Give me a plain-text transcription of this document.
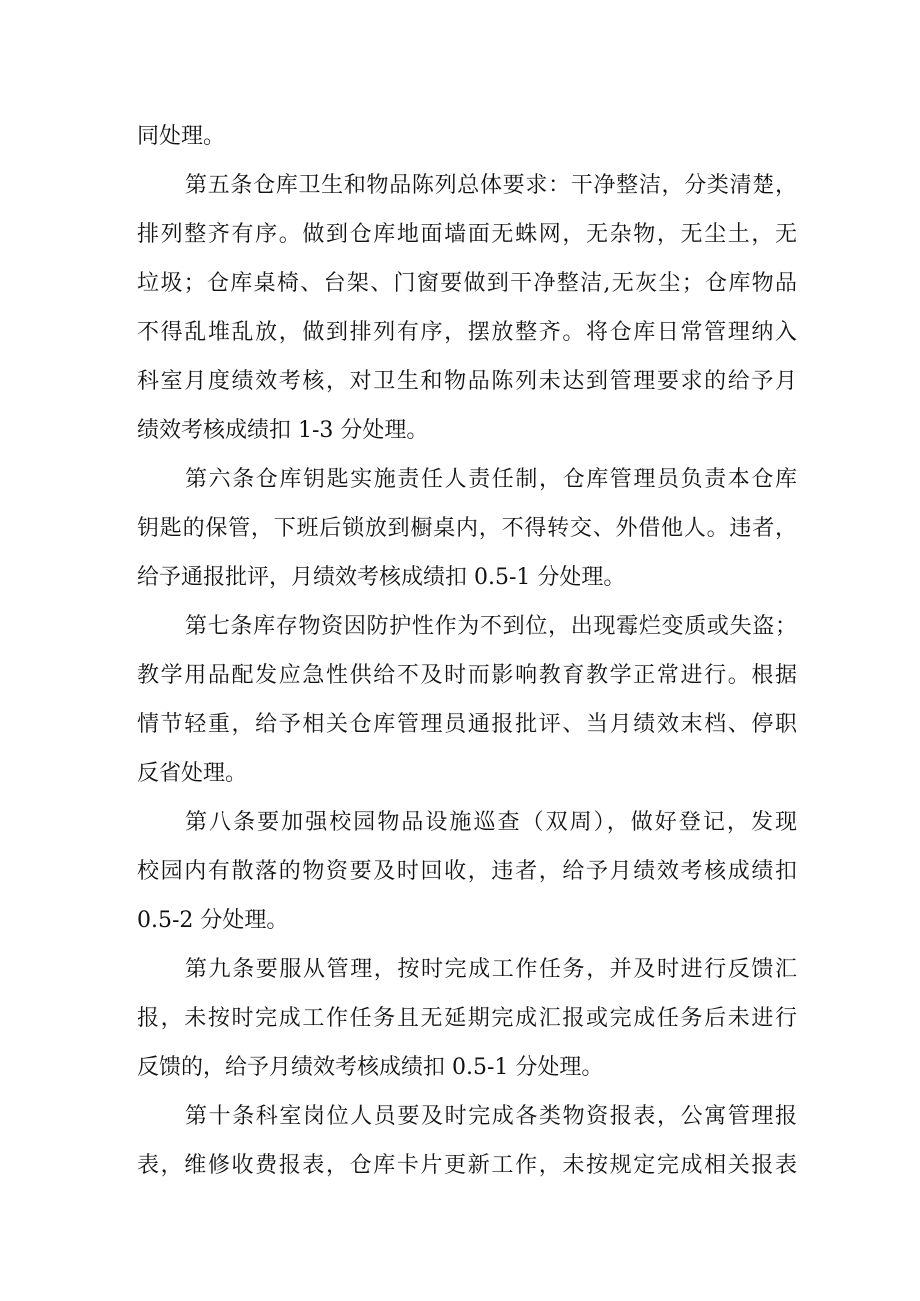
同处理。
第五条仓库卫生和物品陈列总体要求：干净整洁，分类清楚，
排列整齐有序。做到仓库地面墙面无蛛网，无杂物，无尘土，无
垃圾；仓库桌椅、台架、门窗要做到干净整洁,无灰尘；仓库物品
不得乱堆乱放，做到排列有序，摆放整齐。将仓库日常管理纳入
科室月度绩效考核，对卫生和物品陈列未达到管理要求的给予月
绩效考核成绩扣 1-3 分处理。
第六条仓库钥匙实施责任人责任制，仓库管理员负责本仓库
钥匙的保管，下班后锁放到橱桌内，不得转交、外借他人。违者，
给予通报批评，月绩效考核成绩扣 0.5-1 分处理。
第七条库存物资因防护性作为不到位，出现霉烂变质或失盗；
教学用品配发应急性供给不及时而影响教育教学正常进行。根据
情节轻重，给予相关仓库管理员通报批评、当月绩效末档、停职
反省处理。
第八条要加强校园物品设施巡查（双周），做好登记，发现
校园内有散落的物资要及时回收，违者，给予月绩效考核成绩扣
0.5-2 分处理。
第九条要服从管理，按时完成工作任务，并及时进行反馈汇
报，未按时完成工作任务且无延期完成汇报或完成任务后未进行
反馈的，给予月绩效考核成绩扣 0.5-1 分处理。
第十条科室岗位人员要及时完成各类物资报表，公寓管理报
表，维修收费报表，仓库卡片更新工作，未按规定完成相关报表
